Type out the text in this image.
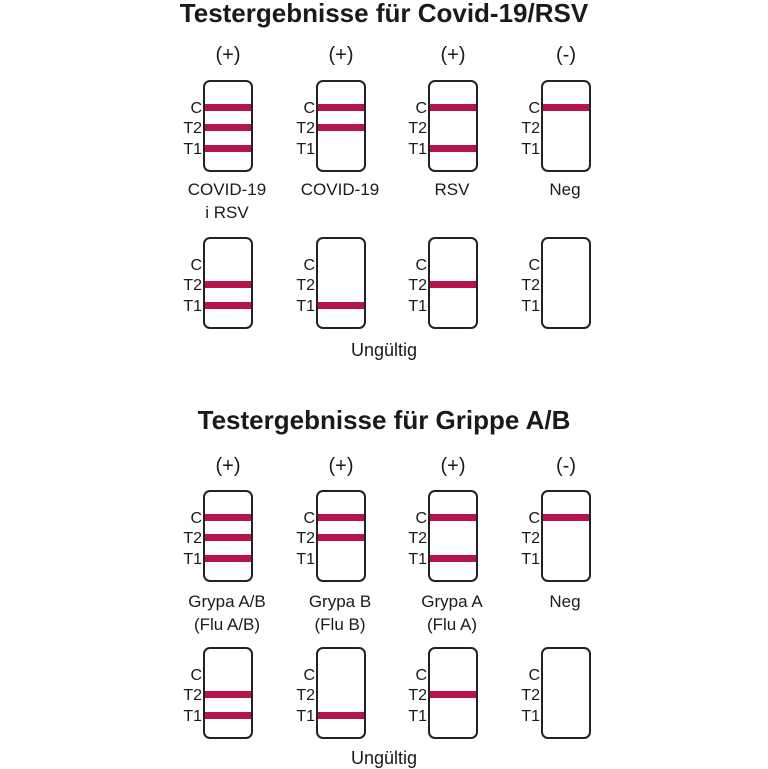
Testergebnisse für Covid-19/RSV
(+)
C
T2
T1
COVID-19
i RSV
(+)
C
T2
T1
COVID-19
(+)
C
T2
T1
RSV
(-)
C
T2
T1
Neg
C
T2
T1
C
T2
T1
C
T2
T1
C
T2
T1
Ungültig
Testergebnisse für Grippe A/B
(+)
C
T2
T1
Grypa A/B
(Flu A/B)
(+)
C
T2
T1
Grypa B
(Flu B)
(+)
C
T2
T1
Grypa A
(Flu A)
(-)
C
T2
T1
Neg
C
T2
T1
C
T2
T1
C
T2
T1
C
T2
T1
Ungültig
